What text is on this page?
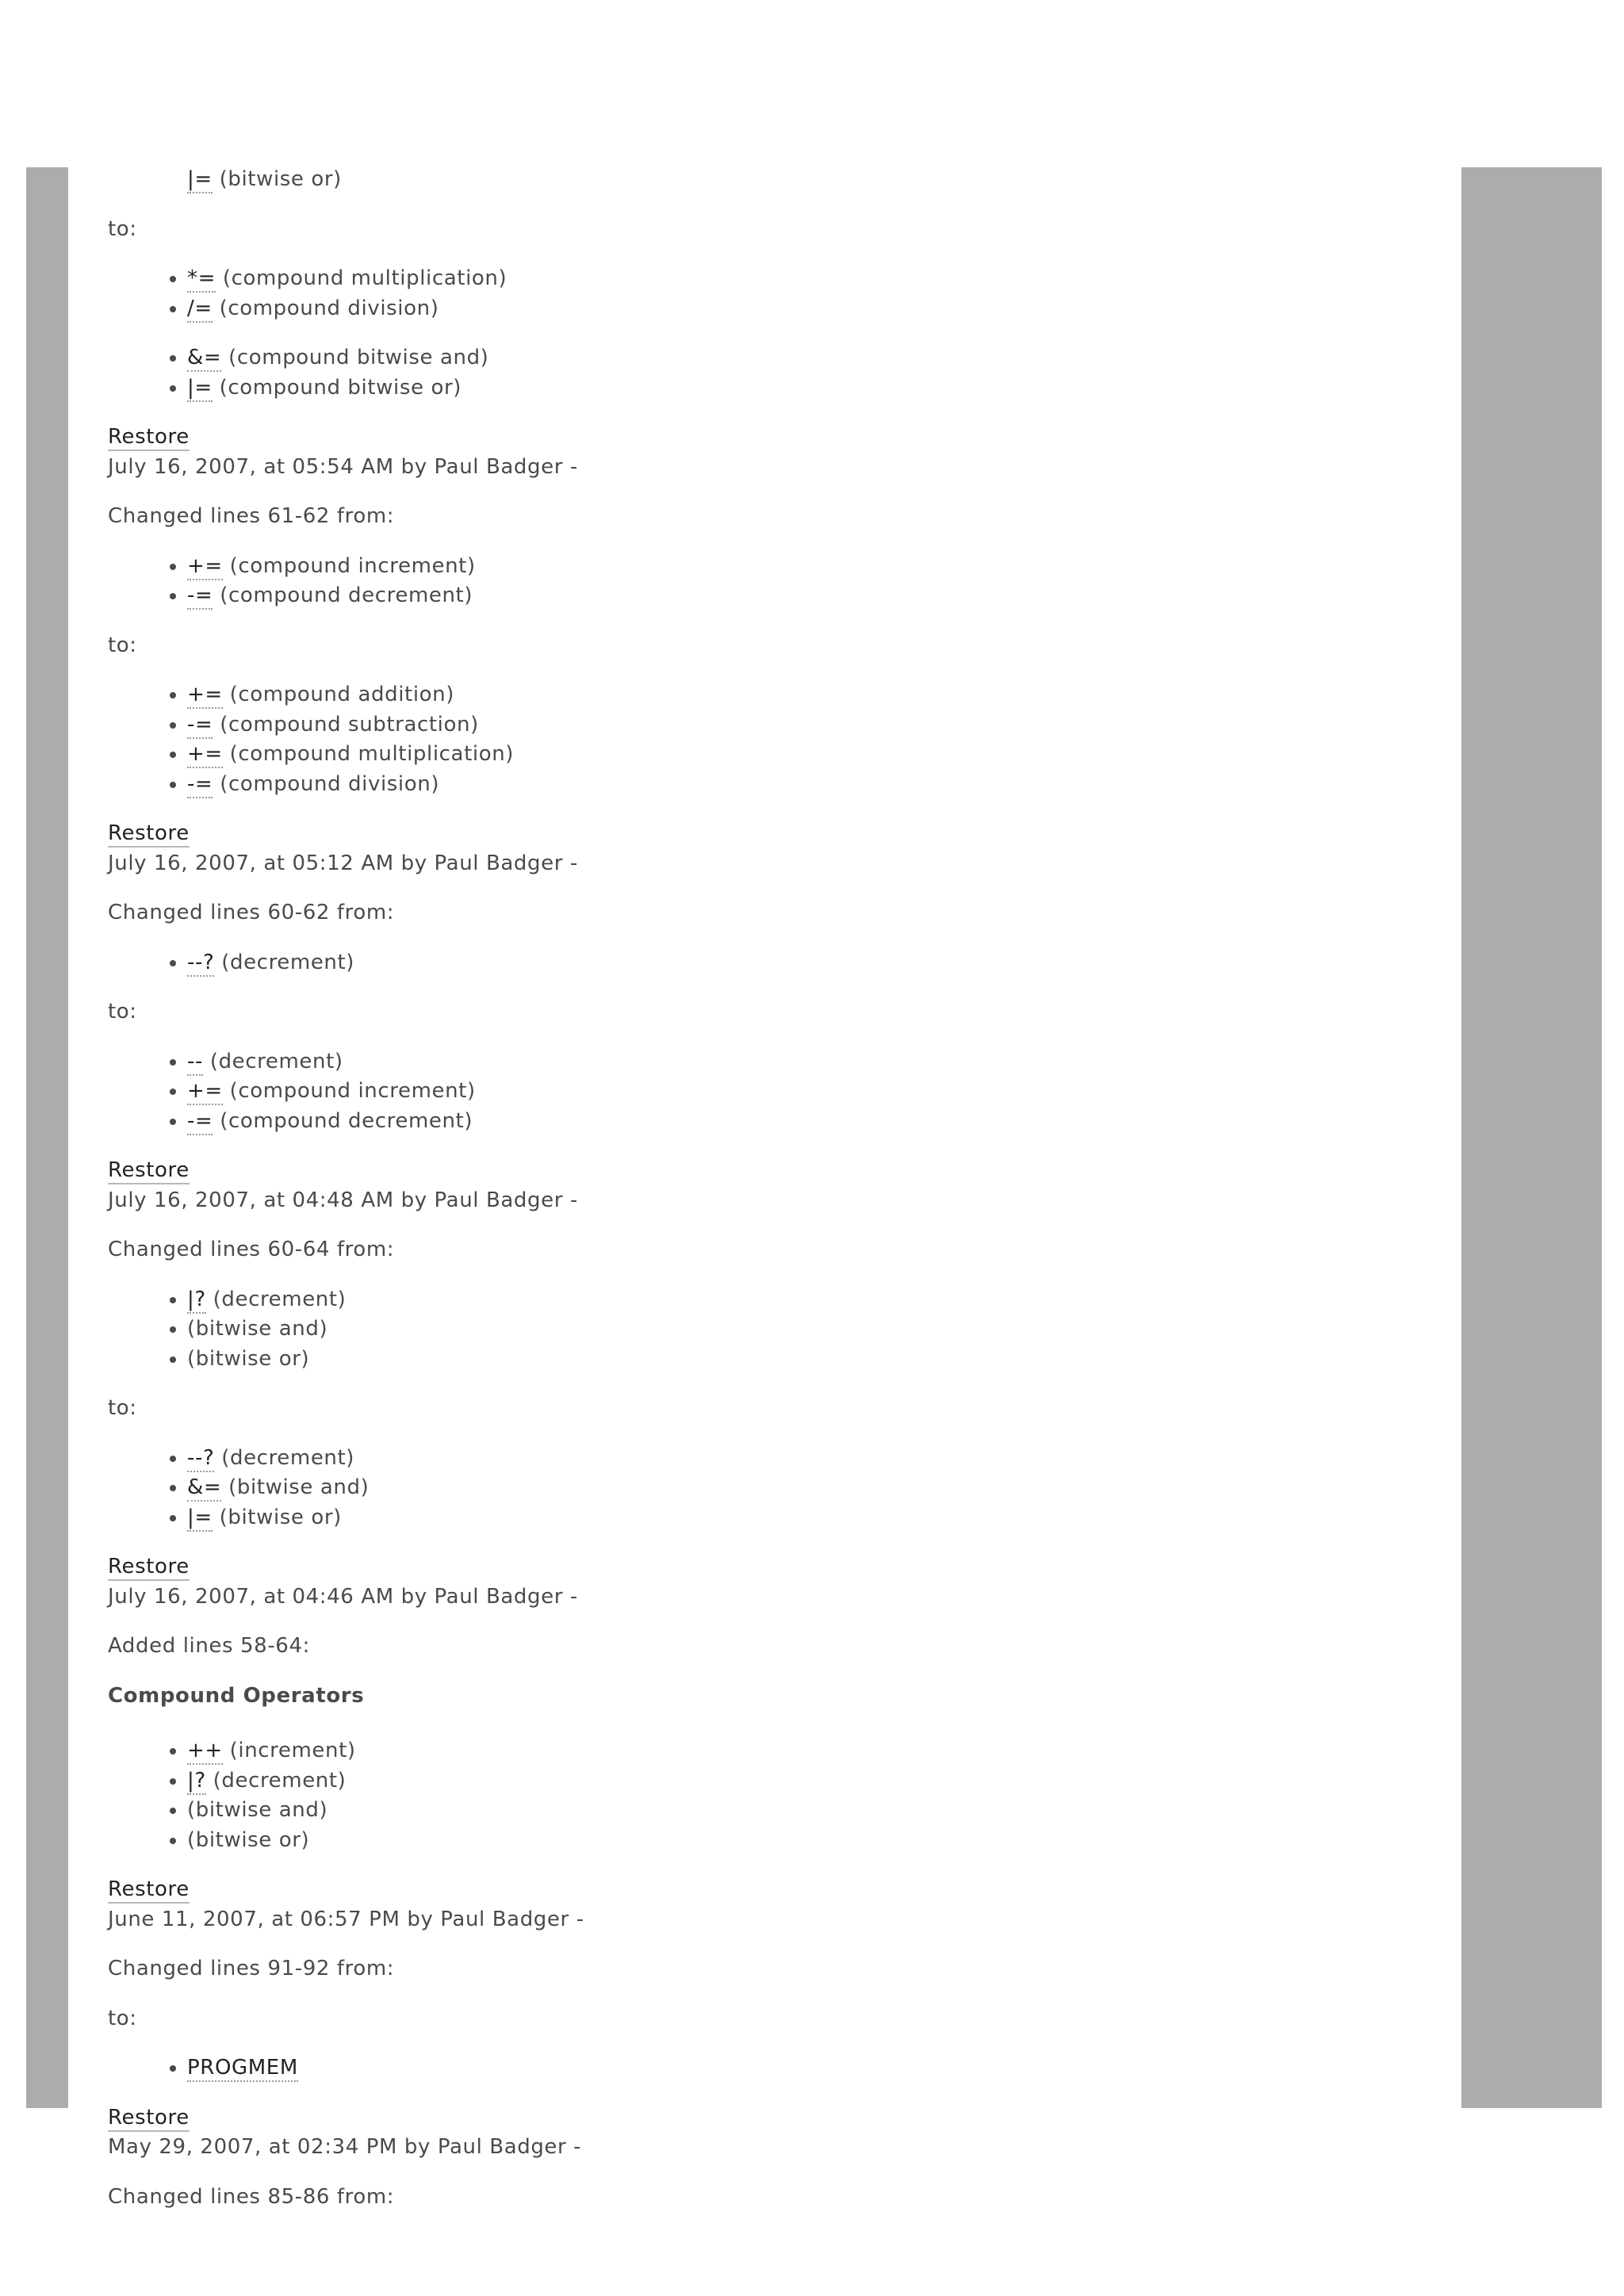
|= (bitwise or)

to:

• *= (compound multiplication)
• /= (compound division)
• &= (compound bitwise and)
• |= (compound bitwise or)
Restore

July 16, 2007, at 05:54 AM by Paul Badger -

Changed lines 61-62 from:

• += (compound increment)
• -= (compound decrement)

to:

• += (compound addition)
• -= (compound subtraction)
• += (compound multiplication)
• -= (compound division)
Restore

July 16, 2007, at 05:12 AM by Paul Badger -

Changed lines 60-62 from:

• --? (decrement)

to:

• -- (decrement)
• += (compound increment)
• -= (compound decrement)
Restore

July 16, 2007, at 04:48 AM by Paul Badger -

Changed lines 60-64 from:

• |? (decrement)
• (bitwise and)
• (bitwise or)

to:

• --? (decrement)
• &= (bitwise and)
• |= (bitwise or)
Restore

July 16, 2007, at 04:46 AM by Paul Badger -

Added lines 58-64:

Compound Operators

• ++ (increment)
• |? (decrement)
• (bitwise and)
• (bitwise or)
Restore

June 11, 2007, at 06:57 PM by Paul Badger -

Changed lines 91-92 from:

to:

• PROGMEM
Restore

May 29, 2007, at 02:34 PM by Paul Badger -

Changed lines 85-86 from:
